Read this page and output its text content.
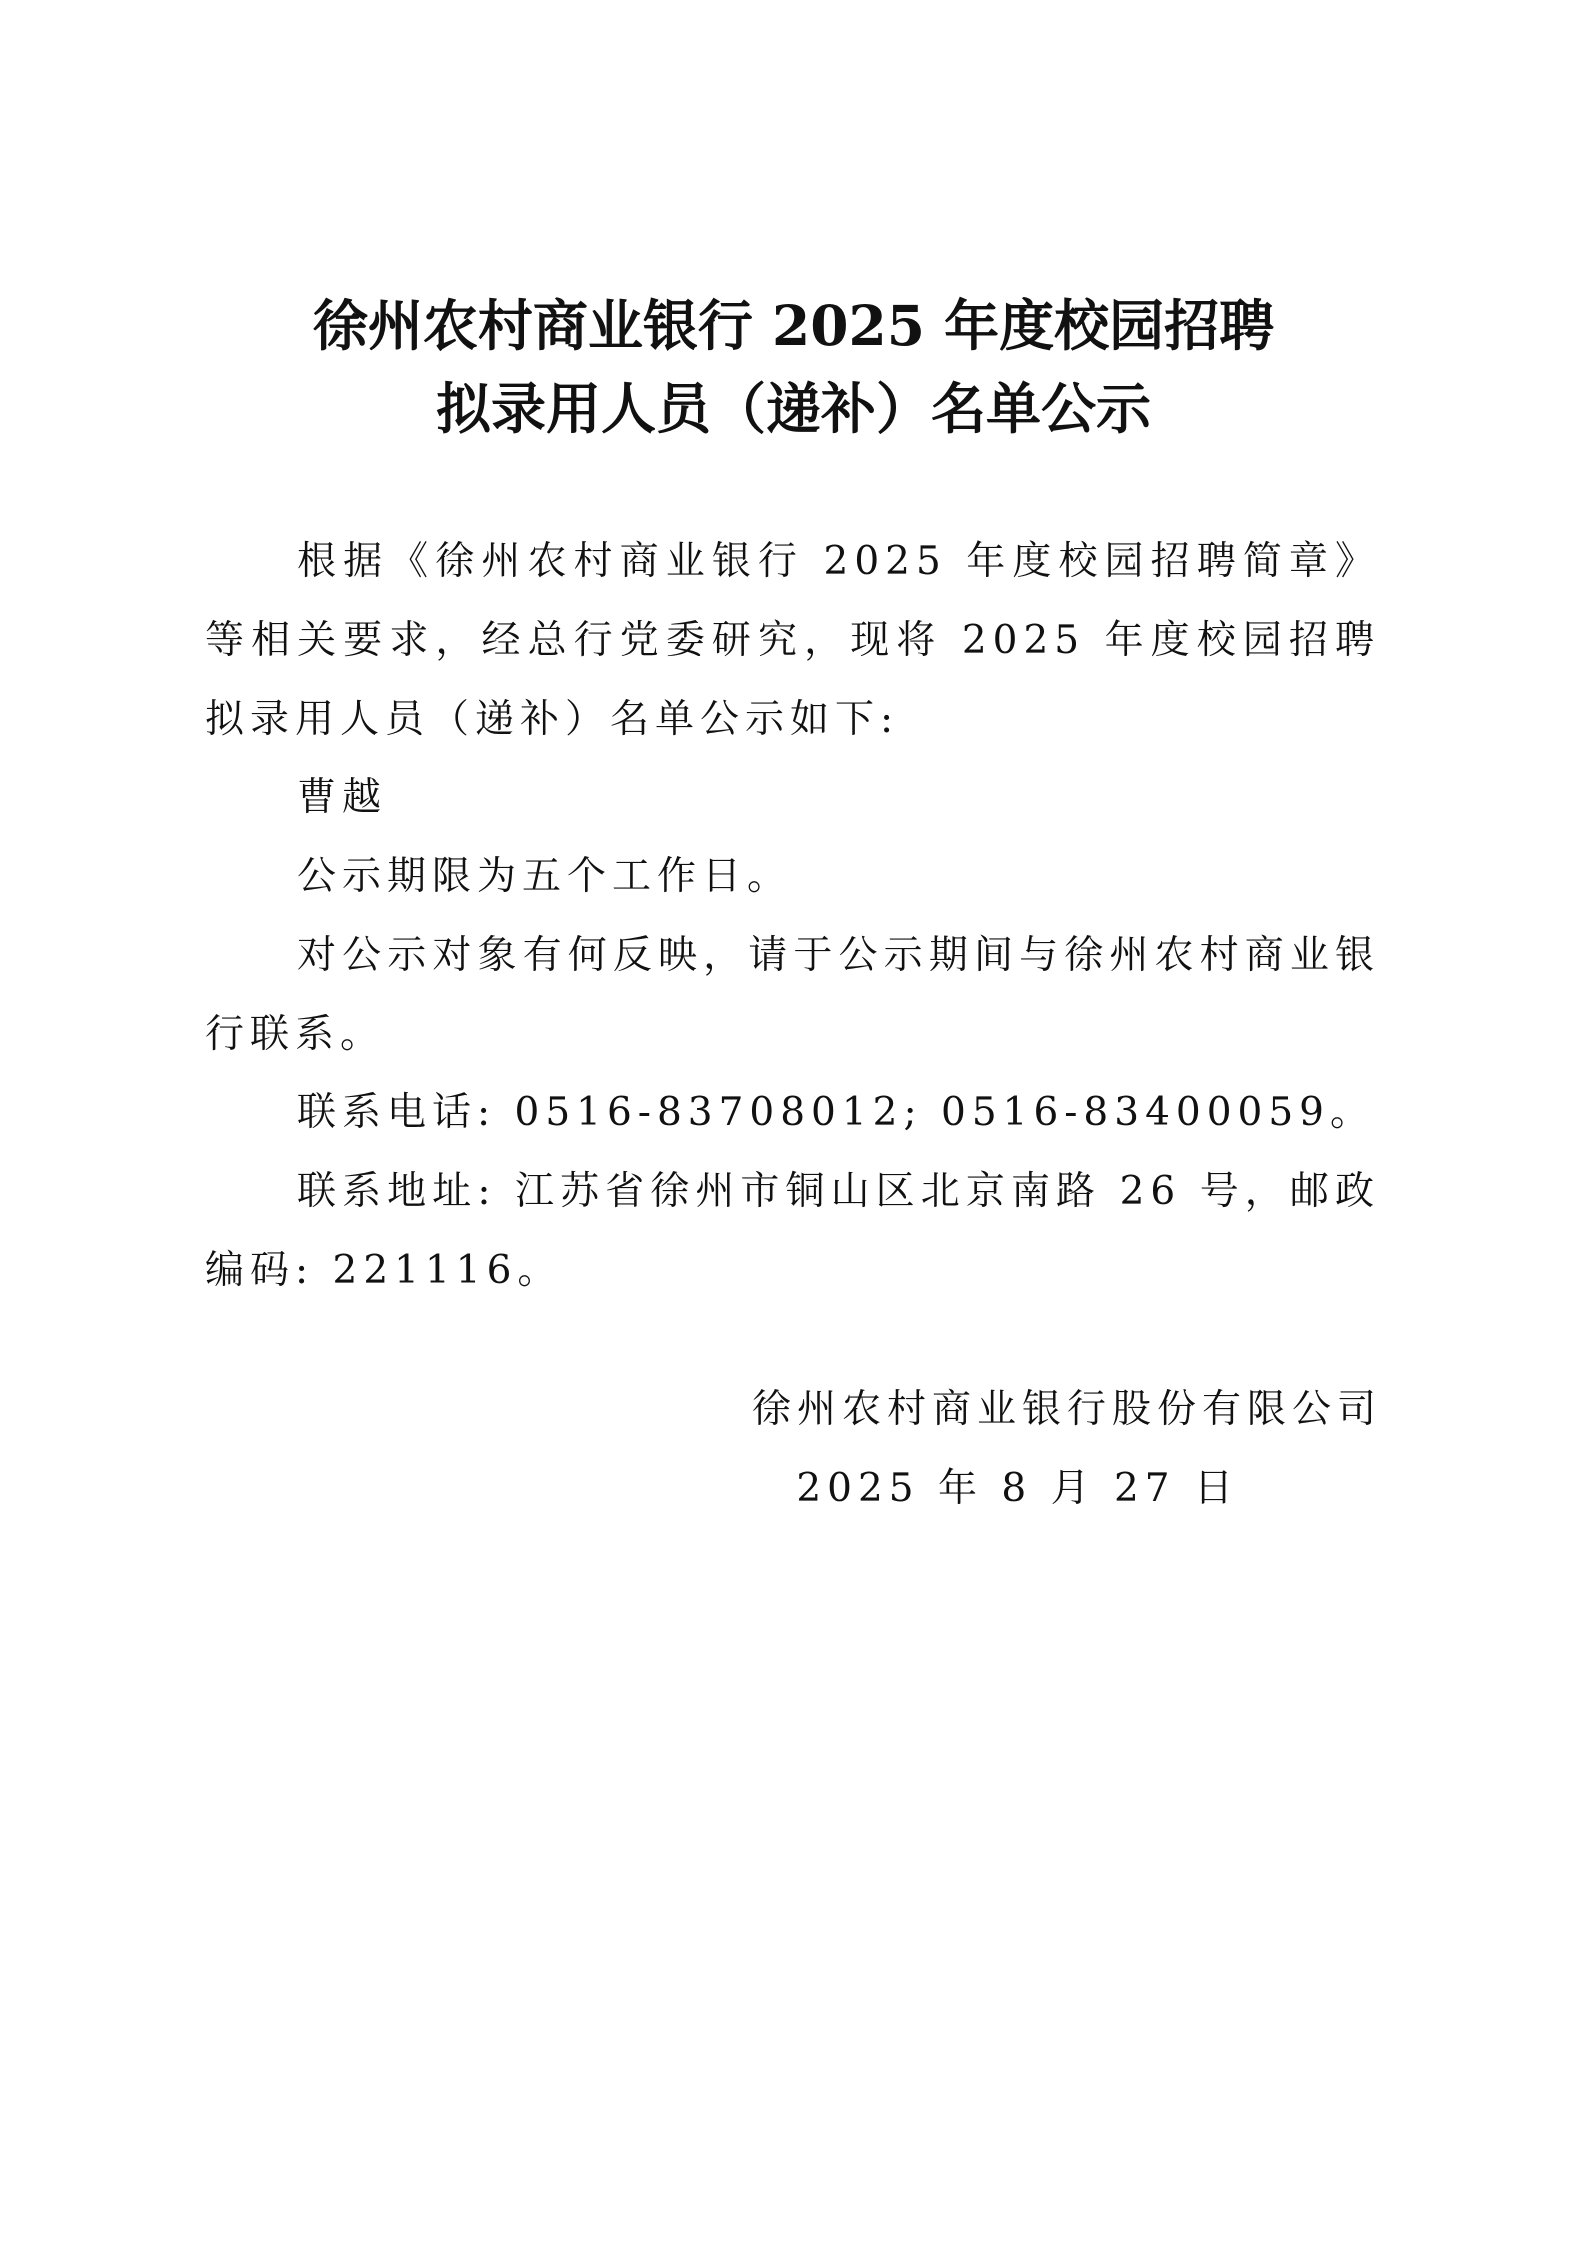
徐州农村商业银行 2025 年度校园招聘
拟录用人员（递补）名单公示

根据《徐州农村商业银行 2025 年度校园招聘简章》等相关要求，经总行党委研究，现将 2025 年度校园招聘拟录用人员（递补）名单公示如下:

曹越

公示期限为五个工作日。

对公示对象有何反映，请于公示期间与徐州农村商业银行联系。

联系电话: 0516-83708012; 0516-83400059。

联系地址: 江苏省徐州市铜山区北京南路 26 号，邮政编码: 221116。

徐州农村商业银行股份有限公司

2025 年 8 月 27 日
